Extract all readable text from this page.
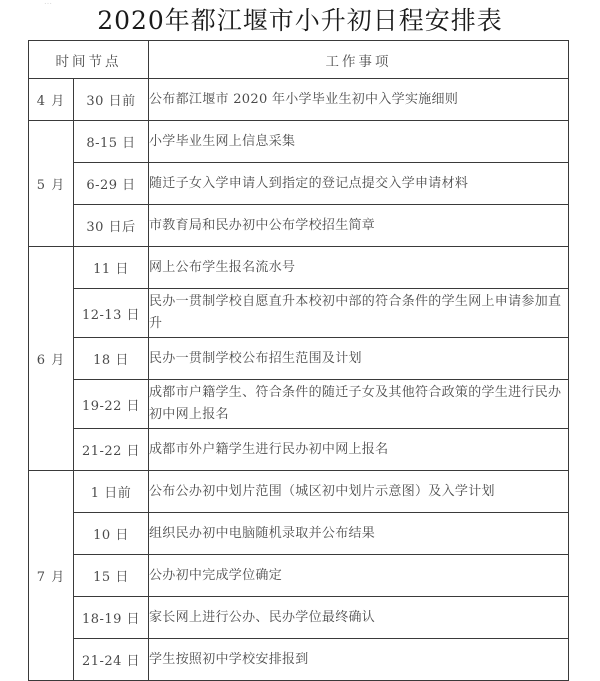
…
2020年都江堰市小升初日程安排表
时间节点		工作事项
4 月	30 日前	公布都江堰市 2020 年小学毕业生初中入学实施细则
5 月	8-15 日	小学毕业生网上信息采集
	6-29 日	随迁子女入学申请人到指定的登记点提交入学申请材料
	30 日后	市教育局和民办初中公布学校招生简章
6 月	11 日	网上公布学生报名流水号
	12-13 日	民办一贯制学校自愿直升本校初中部的符合条件的学生网上申请参加直升
	18 日	民办一贯制学校公布招生范围及计划
	19-22 日	成都市户籍学生、符合条件的随迁子女及其他符合政策的学生进行民办初中网上报名
	21-22 日	成都市外户籍学生进行民办初中网上报名
7 月	1 日前	公布公办初中划片范围（城区初中划片示意图）及入学计划
	10 日	组织民办初中电脑随机录取并公布结果
	15 日	公办初中完成学位确定
	18-19 日	家长网上进行公办、民办学位最终确认
	21-24 日	学生按照初中学校安排报到
